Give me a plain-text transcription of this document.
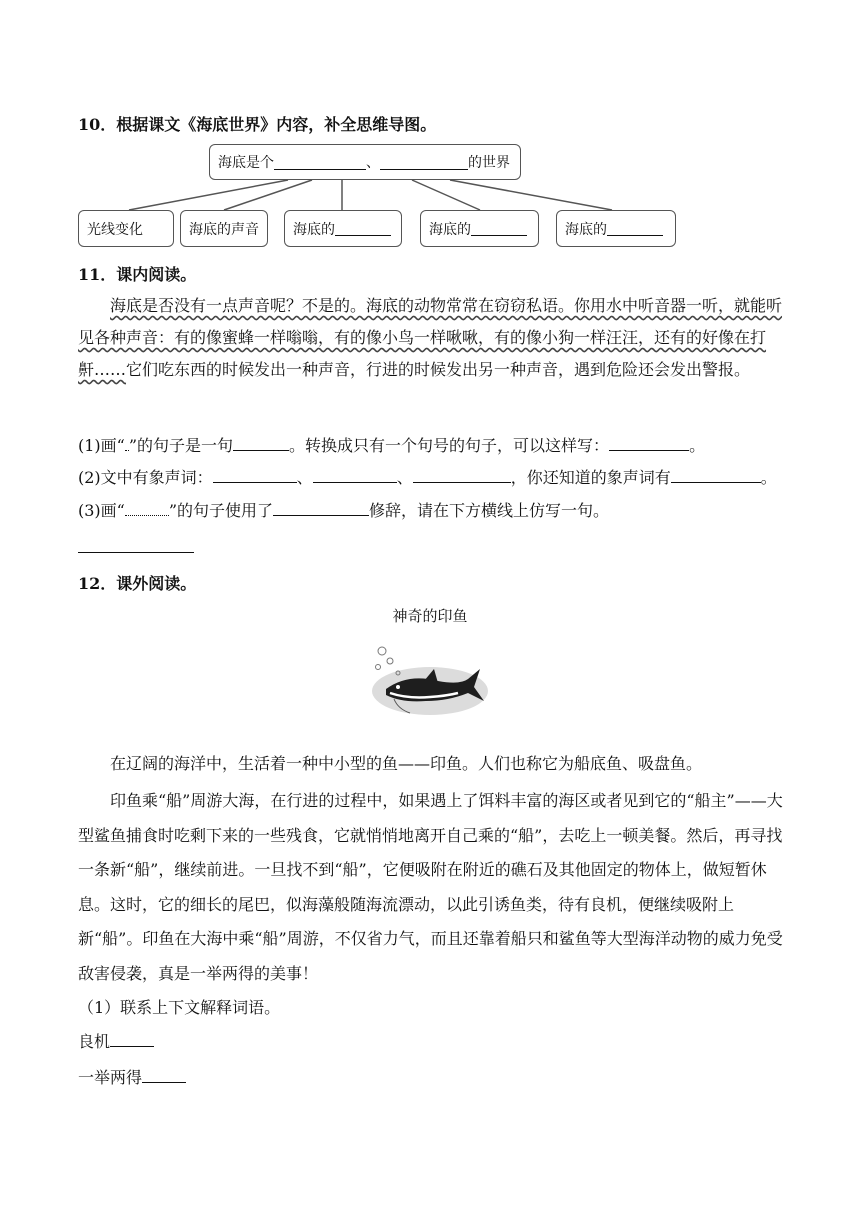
10．根据课文《海底世界》内容，补全思维导图。
海底是个	、	的世界
光线变化	海底的声音 海底的	海底的	海底的
11．课内阅读。
海底是否没有一点声音呢？不是的。海底的动物常常在窃窃私语。你用水中听音器一听，就能听见各种声音：有的像蜜蜂一样嗡嗡，有的像小鸟一样啾啾，有的像小狗一样汪汪，还有的好像在打鼾……它们吃东西的时候发出一种声音，行进的时候发出另一种声音，遇到危险还会发出警报。
(1)画“ ”的句子是一句	。转换成只有一个句号的句子，可以这样写：	。
(2)文中有象声词：	、	、	，你还知道的象声词有	。
(3)画“	”的句子使用了	修辞，请在下方横线上仿写一句。
12．课外阅读。
神奇的印鱼
在辽阔的海洋中，生活着一种中小型的鱼——印鱼。人们也称它为船底鱼、吸盘鱼。
印鱼乘“船”周游大海，在行进的过程中，如果遇上了饵料丰富的海区或者见到它的“船主”——大型鲨鱼捕食时吃剩下来的一些残食，它就悄悄地离开自己乘的“船”，去吃上一顿美餐。然后，再寻找一条新“船”，继续前进。一旦找不到“船”，它便吸附在附近的礁石及其他固定的物体上，做短暂休息。这时，它的细长的尾巴，似海藻般随海流漂动，以此引诱鱼类，待有良机，便继续吸附上新“船”。印鱼在大海中乘“船”周游，不仅省力气，而且还靠着船只和鲨鱼等大型海洋动物的威力免受敌害侵袭，真是一举两得的美事！
（1）联系上下文解释词语。
良机
一举两得
